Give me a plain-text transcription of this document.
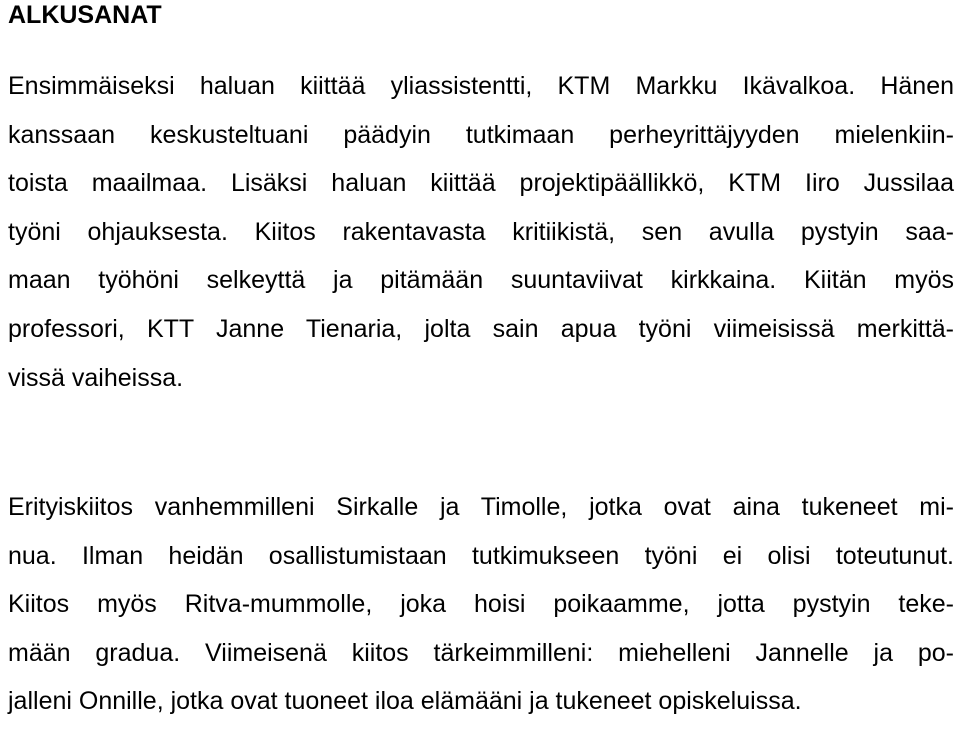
ALKUSANAT
Ensimmäiseksi haluan kiittää yliassistentti, KTM Markku Ikävalkoa. Hänen
kanssaan keskusteltuani päädyin tutkimaan perheyrittäjyyden mielenkiin-
toista maailmaa. Lisäksi haluan kiittää projektipäällikkö, KTM Iiro Jussilaa
työni ohjauksesta. Kiitos rakentavasta kritiikistä, sen avulla pystyin saa-
maan työhöni selkeyttä ja pitämään suuntaviivat kirkkaina. Kiitän myös
professori, KTT Janne Tienaria, jolta sain apua työni viimeisissä merkittä-
vissä vaiheissa.
Erityiskiitos vanhemmilleni Sirkalle ja Timolle, jotka ovat aina tukeneet mi-
nua. Ilman heidän osallistumistaan tutkimukseen työni ei olisi toteutunut.
Kiitos myös Ritva-mummolle, joka hoisi poikaamme, jotta pystyin teke-
mään gradua. Viimeisenä kiitos tärkeimmilleni: miehelleni Jannelle ja po-
jalleni Onnille, jotka ovat tuoneet iloa elämääni ja tukeneet opiskeluissa.
